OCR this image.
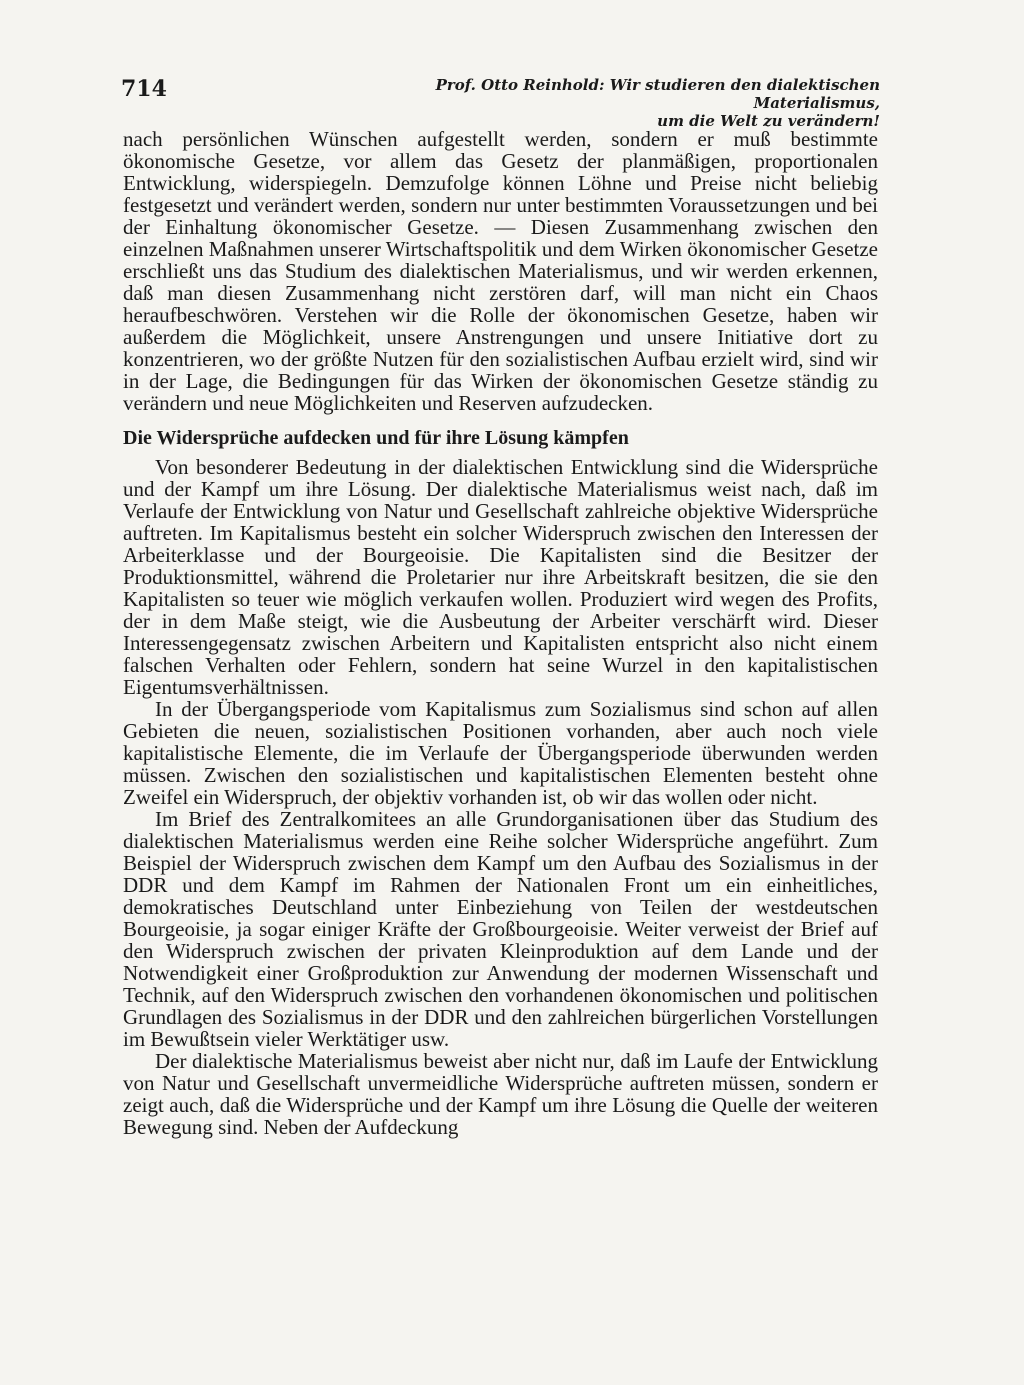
714	Prof. Otto Reinhold: Wir studieren den dialektischen Materialismus,
um die Welt zu verändern!

nach persönlichen Wünschen aufgestellt werden, sondern er muß bestimmte ökonomische Gesetze, vor allem das Gesetz der planmäßigen, proportionalen Entwicklung, widerspiegeln. Demzufolge können Löhne und Preise nicht beliebig festgesetzt und verändert werden, sondern nur unter bestimmten Voraussetzungen und bei der Einhaltung ökonomischer Gesetze. — Diesen Zusammenhang zwischen den einzelnen Maßnahmen unserer Wirtschaftspolitik und dem Wirken ökonomischer Gesetze erschließt uns das Studium des dialektischen Materialismus, und wir werden erkennen, daß man diesen Zusammenhang nicht zerstören darf, will man nicht ein Chaos heraufbeschwören. Verstehen wir die Rolle der ökonomischen Gesetze, haben wir außerdem die Möglichkeit, unsere Anstrengungen und unsere Initiative dort zu konzentrieren, wo der größte Nutzen für den sozialistischen Aufbau erzielt wird, sind wir in der Lage, die Bedingungen für das Wirken der ökonomischen Gesetze ständig zu verändern und neue Möglichkeiten und Reserven aufzudecken.

Die Widersprüche aufdecken und für ihre Lösung kämpfen

Von besonderer Bedeutung in der dialektischen Entwicklung sind die Widersprüche und der Kampf um ihre Lösung. Der dialektische Materialismus weist nach, daß im Verlaufe der Entwicklung von Natur und Gesellschaft zahlreiche objektive Widersprüche auftreten. Im Kapitalismus besteht ein solcher Widerspruch zwischen den Interessen der Arbeiterklasse und der Bourgeoisie. Die Kapitalisten sind die Besitzer der Produktionsmittel, während die Proletarier nur ihre Arbeitskraft besitzen, die sie den Kapitalisten so teuer wie möglich verkaufen wollen. Produziert wird wegen des Profits, der in dem Maße steigt, wie die Ausbeutung der Arbeiter verschärft wird. Dieser Interessengegensatz zwischen Arbeitern und Kapitalisten entspricht also nicht einem falschen Verhalten oder Fehlern, sondern hat seine Wurzel in den kapitalistischen Eigentumsverhältnissen.

In der Übergangsperiode vom Kapitalismus zum Sozialismus sind schon auf allen Gebieten die neuen, sozialistischen Positionen vorhanden, aber auch noch viele kapitalistische Elemente, die im Verlaufe der Übergangsperiode überwunden werden müssen. Zwischen den sozialistischen und kapitalistischen Elementen besteht ohne Zweifel ein Widerspruch, der objektiv vorhanden ist, ob wir das wollen oder nicht.

Im Brief des Zentralkomitees an alle Grundorganisationen über das Studium des dialektischen Materialismus werden eine Reihe solcher Widersprüche angeführt. Zum Beispiel der Widerspruch zwischen dem Kampf um den Aufbau des Sozialismus in der DDR und dem Kampf im Rahmen der Nationalen Front um ein einheitliches, demokratisches Deutschland unter Einbeziehung von Teilen der westdeutschen Bourgeoisie, ja sogar einiger Kräfte der Großbourgeoisie. Weiter verweist der Brief auf den Widerspruch zwischen der privaten Kleinproduktion auf dem Lande und der Notwendigkeit einer Großproduktion zur Anwendung der modernen Wissenschaft und Technik, auf den Widerspruch zwischen den vorhandenen ökonomischen und politischen Grundlagen des Sozialismus in der DDR und den zahlreichen bürgerlichen Vorstellungen im Bewußtsein vieler Werktätiger usw.

Der dialektische Materialismus beweist aber nicht nur, daß im Laufe der Entwicklung von Natur und Gesellschaft unvermeidliche Widersprüche auftreten müssen, sondern er zeigt auch, daß die Widersprüche und der Kampf um ihre Lösung die Quelle der weiteren Bewegung sind. Neben der Aufdeckung
